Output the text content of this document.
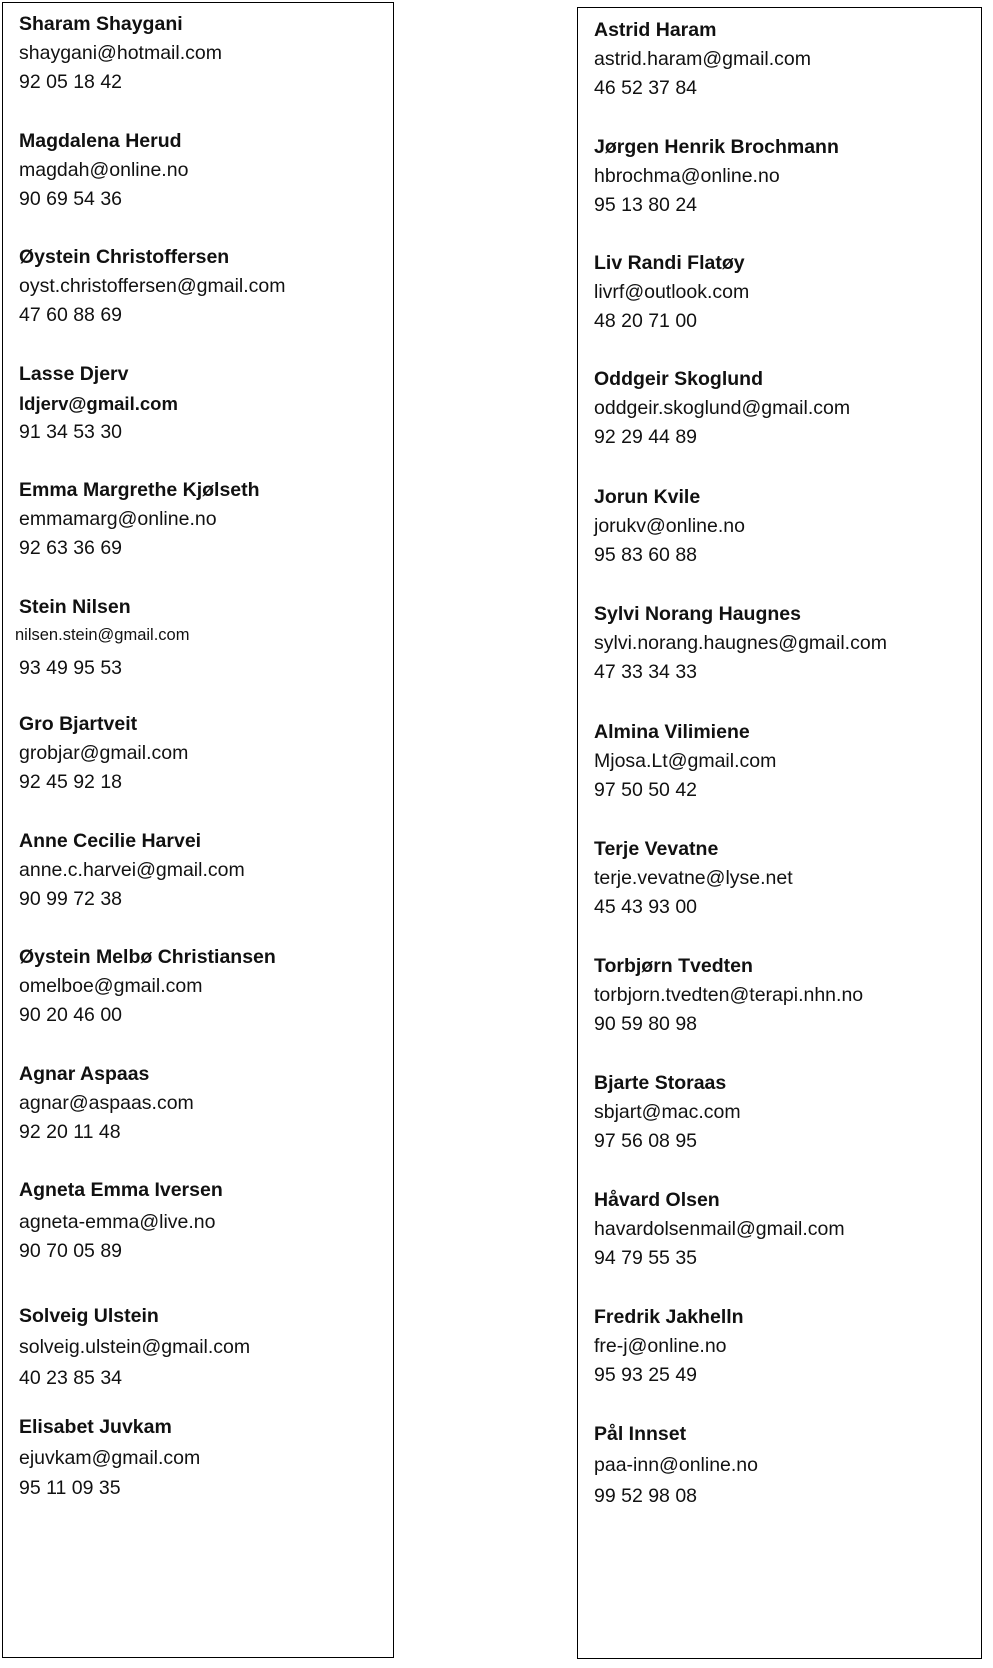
Sharam Shaygani
shaygani@hotmail.com
92 05 18 42
Magdalena Herud
magdah@online.no
90 69 54 36
Øystein Christoffersen
oyst.christoffersen@gmail.com
47 60 88 69
Lasse Djerv
ldjerv@gmail.com
91 34 53 30
Emma Margrethe Kjølseth
emmamarg@online.no
92 63 36 69
Stein Nilsen
nilsen.stein@gmail.com
93 49 95 53
Gro Bjartveit
grobjar@gmail.com
92 45 92 18
Anne Cecilie Harvei
anne.c.harvei@gmail.com
90 99 72 38
Øystein Melbø Christiansen
omelboe@gmail.com
90 20 46 00
Agnar Aspaas
agnar@aspaas.com
92 20 11 48
Agneta Emma Iversen
agneta-emma@live.no
90 70 05 89
Solveig Ulstein
solveig.ulstein@gmail.com
40 23 85 34
Elisabet Juvkam
ejuvkam@gmail.com
95 11 09 35
Astrid Haram
astrid.haram@gmail.com
46 52 37 84
Jørgen Henrik Brochmann
hbrochma@online.no
95 13 80 24
Liv Randi Flatøy
livrf@outlook.com
48 20 71 00
Oddgeir Skoglund
oddgeir.skoglund@gmail.com
92 29 44 89
Jorun Kvile
jorukv@online.no
95 83 60 88
Sylvi Norang Haugnes
sylvi.norang.haugnes@gmail.com
47 33 34 33
Almina Vilimiene
Mjosa.Lt@gmail.com
97 50 50 42
Terje Vevatne
terje.vevatne@lyse.net
45 43 93 00
Torbjørn Tvedten
torbjorn.tvedten@terapi.nhn.no
90 59 80 98
Bjarte Storaas
sbjart@mac.com
97 56 08 95
Håvard Olsen
havardolsenmail@gmail.com
94 79 55 35
Fredrik Jakhelln
fre-j@online.no
95 93 25 49
Pål Innset
paa-inn@online.no
99 52 98 08
